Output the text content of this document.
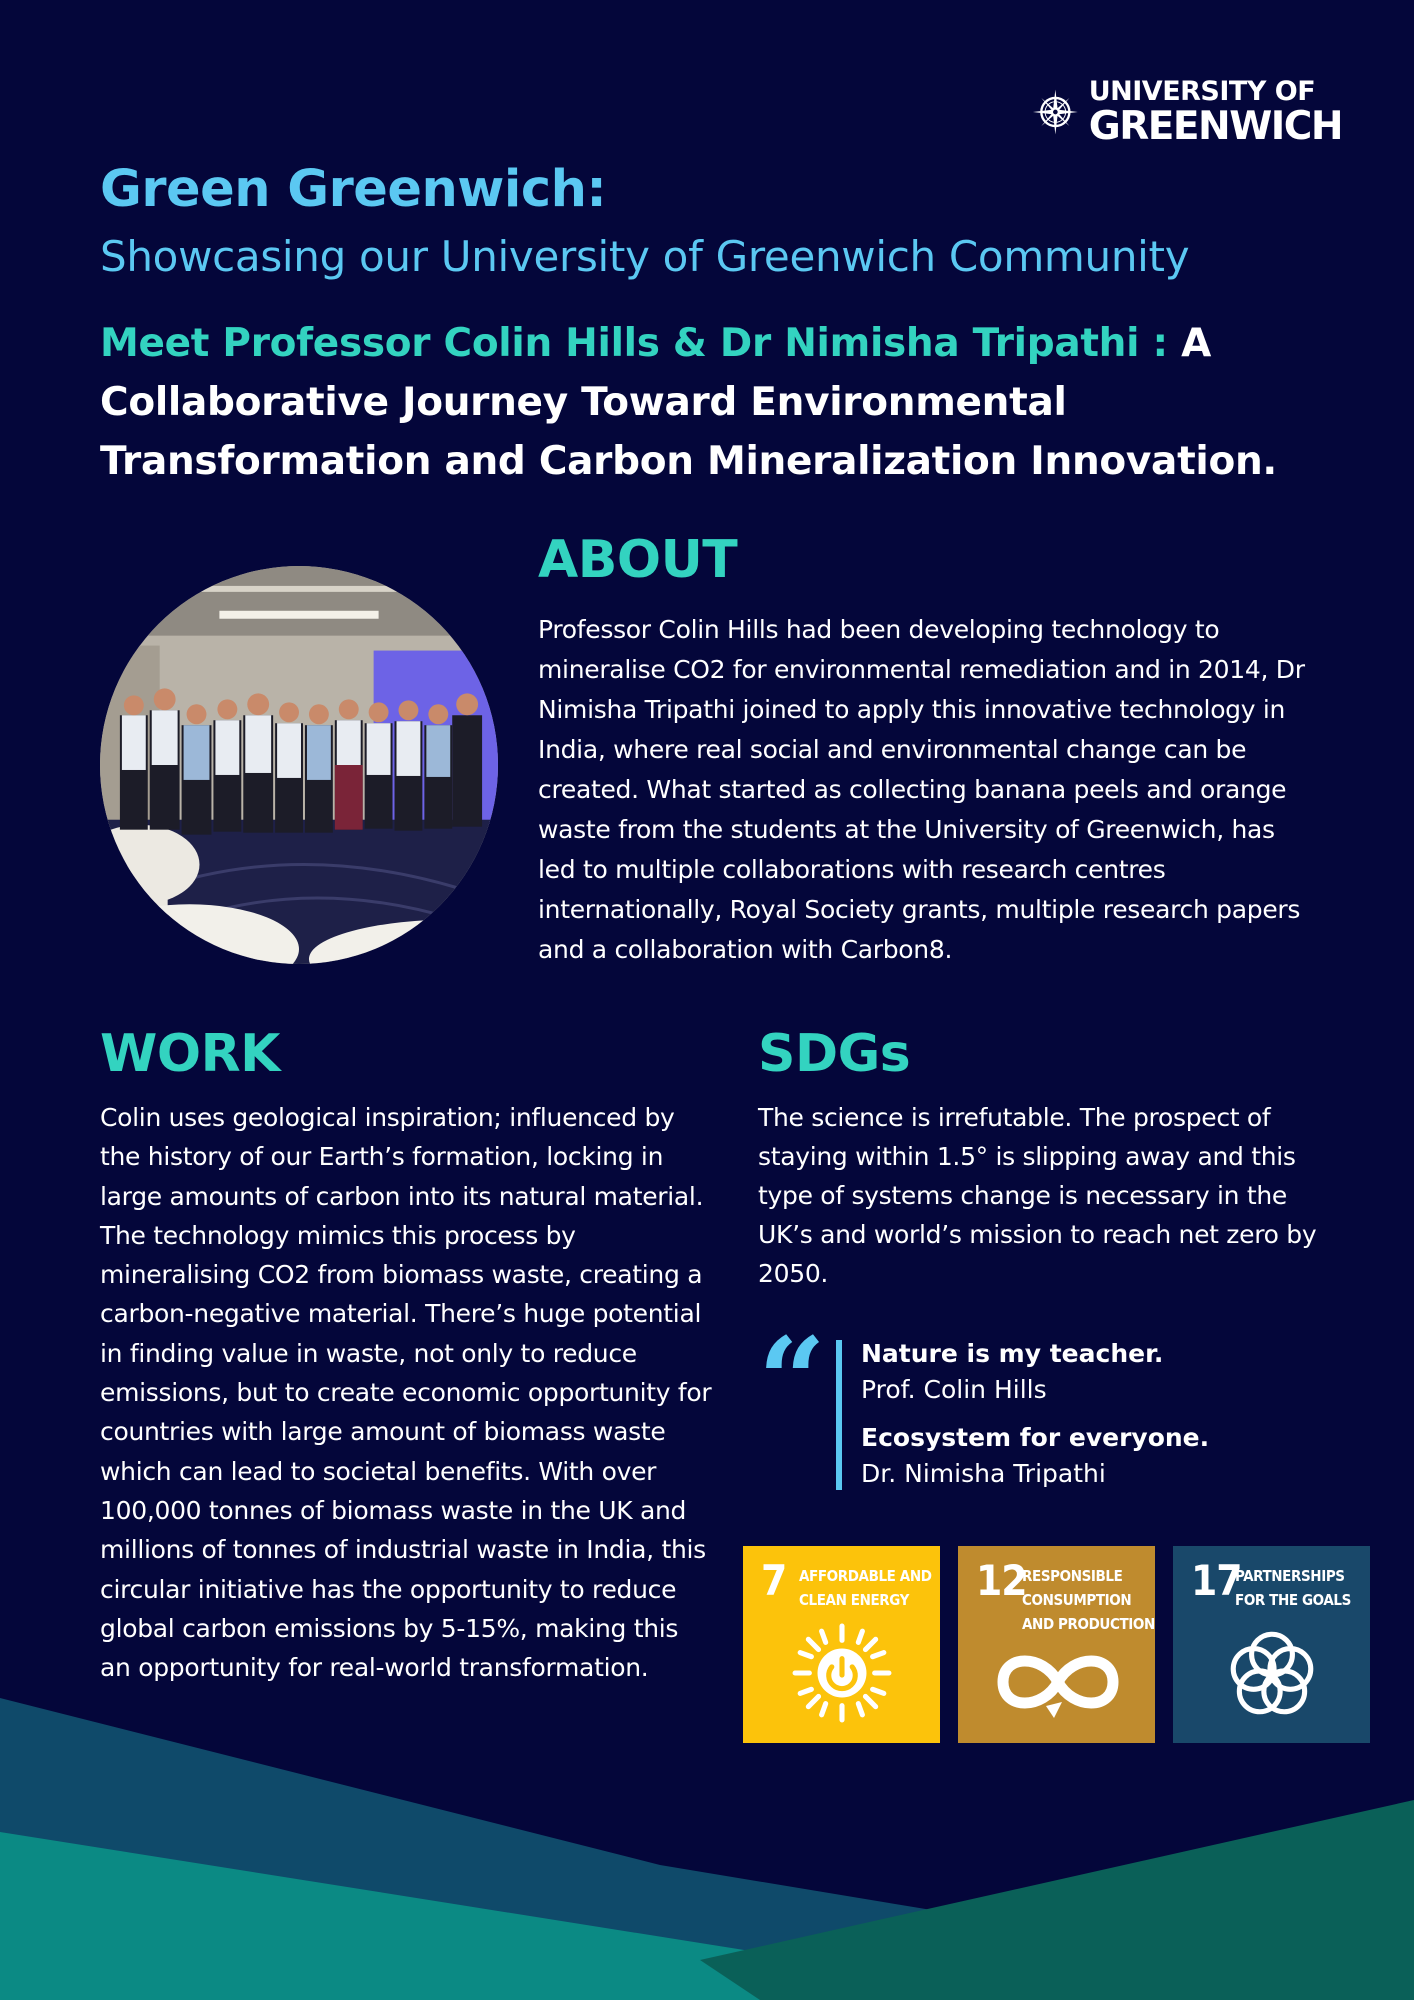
UNIVERSITY OF
GREENWICH
Green Greenwich:
Showcasing our University of Greenwich Community
Meet Professor Colin Hills & Dr Nimisha Tripathi : A Collaborative Journey Toward Environmental Transformation and Carbon Mineralization Innovation.
ABOUT
Professor Colin Hills had been developing technology to mineralise CO2 for environmental remediation and in 2014, Dr Nimisha Tripathi joined to apply this innovative technology in India, where real social and environmental change can be created. What started as collecting banana peels and orange waste from the students at the University of Greenwich, has led to multiple collaborations with research centres internationally, Royal Society grants, multiple research papers and a collaboration with Carbon8.
WORK
Colin uses geological inspiration; influenced by the history of our Earth’s formation, locking in large amounts of carbon into its natural material. The technology mimics this process by mineralising CO2 from biomass waste, creating a carbon-negative material. There’s huge potential in finding value in waste, not only to reduce emissions, but to create economic opportunity for countries with large amount of biomass waste which can lead to societal benefits. With over 100,000 tonnes of biomass waste in the UK and millions of tonnes of industrial waste in India, this circular initiative has the opportunity to reduce global carbon emissions by 5-15%, making this an opportunity for real-world transformation.
SDGs
The science is irrefutable. The prospect of staying within 1.5° is slipping away and this type of systems change is necessary in the UK’s and world’s mission to reach net zero by 2050.
“ Nature is my teacher.
Prof. Colin Hills
Ecosystem for everyone.
Dr. Nimisha Tripathi
7 AFFORDABLE AND
CLEAN ENERGY	12
RESPONSIBLE
CONSUMPTION
AND PRODUCTION
17
PARTNERSHIPS
FOR THE GOALS
